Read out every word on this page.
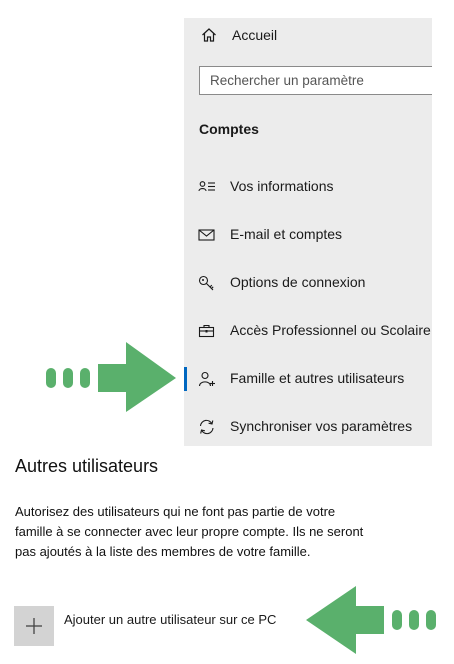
Accueil
Rechercher un paramètre
Comptes
Vos informations
E-mail et comptes
Options de connexion
Accès Professionnel ou Scolaire
Famille et autres utilisateurs
Synchroniser vos paramètres
Autres utilisateurs

Autorisez des utilisateurs qui ne font pas partie de votre famille à se connecter avec leur propre compte. Ils ne seront pas ajoutés à la liste des membres de votre famille.

Ajouter un autre utilisateur sur ce PC
